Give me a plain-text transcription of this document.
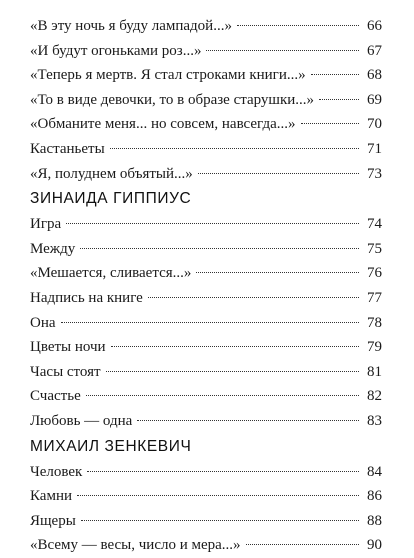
«В эту ночь я буду лампадой...»	66
«И будут огоньками роз...»	67
«Теперь я мертв. Я стал строками книги...»	68
«То в виде девочки, то в образе старушки...»	69
«Обманите меня... но совсем, навсегда...»	70
Кастаньеты	71
«Я, полуднем объятый...»	73
ЗИНАИДА ГИППИУС
Игра	74
Между	75
«Мешается, сливается...»	76
Надпись на книге	77
Она	78
Цветы ночи	79
Часы стоят	81
Счастье	82
Любовь — одна	83
МИХАИЛ ЗЕНКЕВИЧ
Человек	84
Камни	86
Ящеры	88
«Всему — весы, число и мера...»	90
